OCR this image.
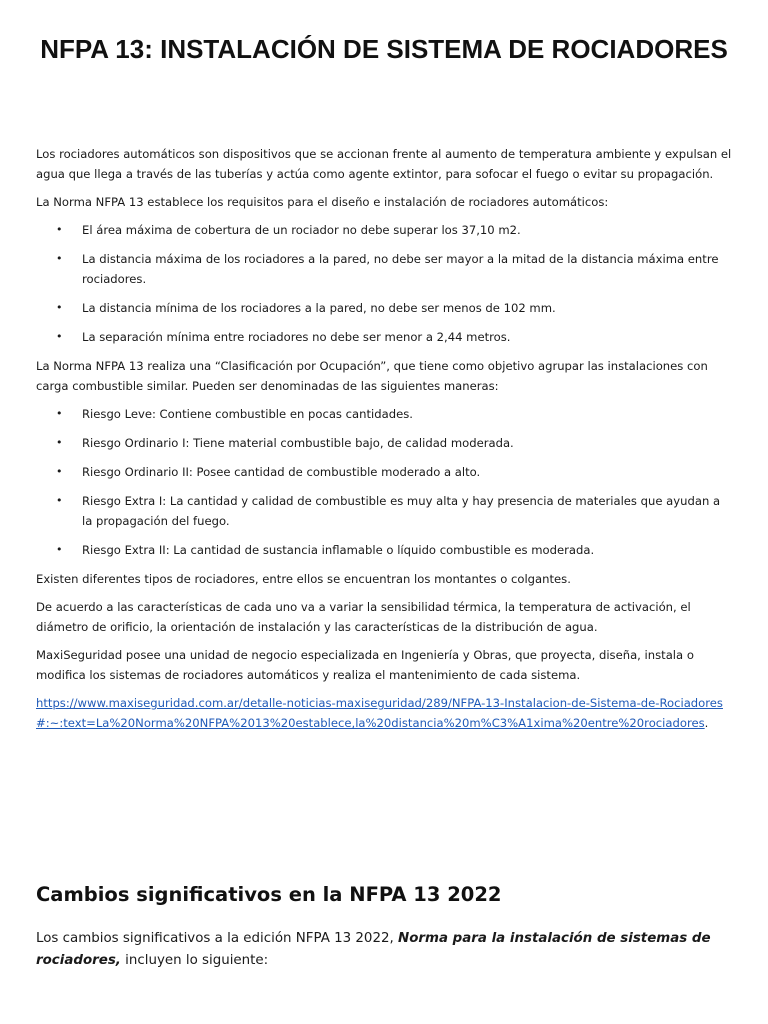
NFPA 13: INSTALACIÓN DE SISTEMA DE ROCIADORES

Los rociadores automáticos son dispositivos que se accionan frente al aumento de temperatura ambiente y expulsan el agua que llega a través de las tuberías y actúa como agente extintor, para sofocar el fuego o evitar su propagación.

La Norma NFPA 13 establece los requisitos para el diseño e instalación de rociadores automáticos:

• El área máxima de cobertura de un rociador no debe superar los 37,10 m2.
• La distancia máxima de los rociadores a la pared, no debe ser mayor a la mitad de la distancia máxima entre rociadores.
• La distancia mínima de los rociadores a la pared, no debe ser menos de 102 mm.
• La separación mínima entre rociadores no debe ser menor a 2,44 metros.

La Norma NFPA 13 realiza una “Clasificación por Ocupación”, que tiene como objetivo agrupar las instalaciones con carga combustible similar. Pueden ser denominadas de las siguientes maneras:

• Riesgo Leve: Contiene combustible en pocas cantidades.
• Riesgo Ordinario I: Tiene material combustible bajo, de calidad moderada.
• Riesgo Ordinario II: Posee cantidad de combustible moderado a alto.
• Riesgo Extra I: La cantidad y calidad de combustible es muy alta y hay presencia de materiales que ayudan a la propagación del fuego.
• Riesgo Extra II: La cantidad de sustancia inflamable o líquido combustible es moderada.

Existen diferentes tipos de rociadores, entre ellos se encuentran los montantes o colgantes.

De acuerdo a las características de cada uno va a variar la sensibilidad térmica, la temperatura de activación, el diámetro de orificio, la orientación de instalación y las características de la distribución de agua.

MaxiSeguridad posee una unidad de negocio especializada en Ingeniería y Obras, que proyecta, diseña, instala o modifica los sistemas de rociadores automáticos y realiza el mantenimiento de cada sistema.

https://www.maxiseguridad.com.ar/detalle-noticias-maxiseguridad/289/NFPA-13-Instalacion-de-Sistema-de-Rociadores#:~:text=La%20Norma%20NFPA%2013%20establece,la%20distancia%20m%C3%A1xima%20entre%20rociadores.

Cambios significativos en la NFPA 13 2022

Los cambios significativos a la edición NFPA 13 2022, Norma para la instalación de sistemas de rociadores, incluyen lo siguiente:
